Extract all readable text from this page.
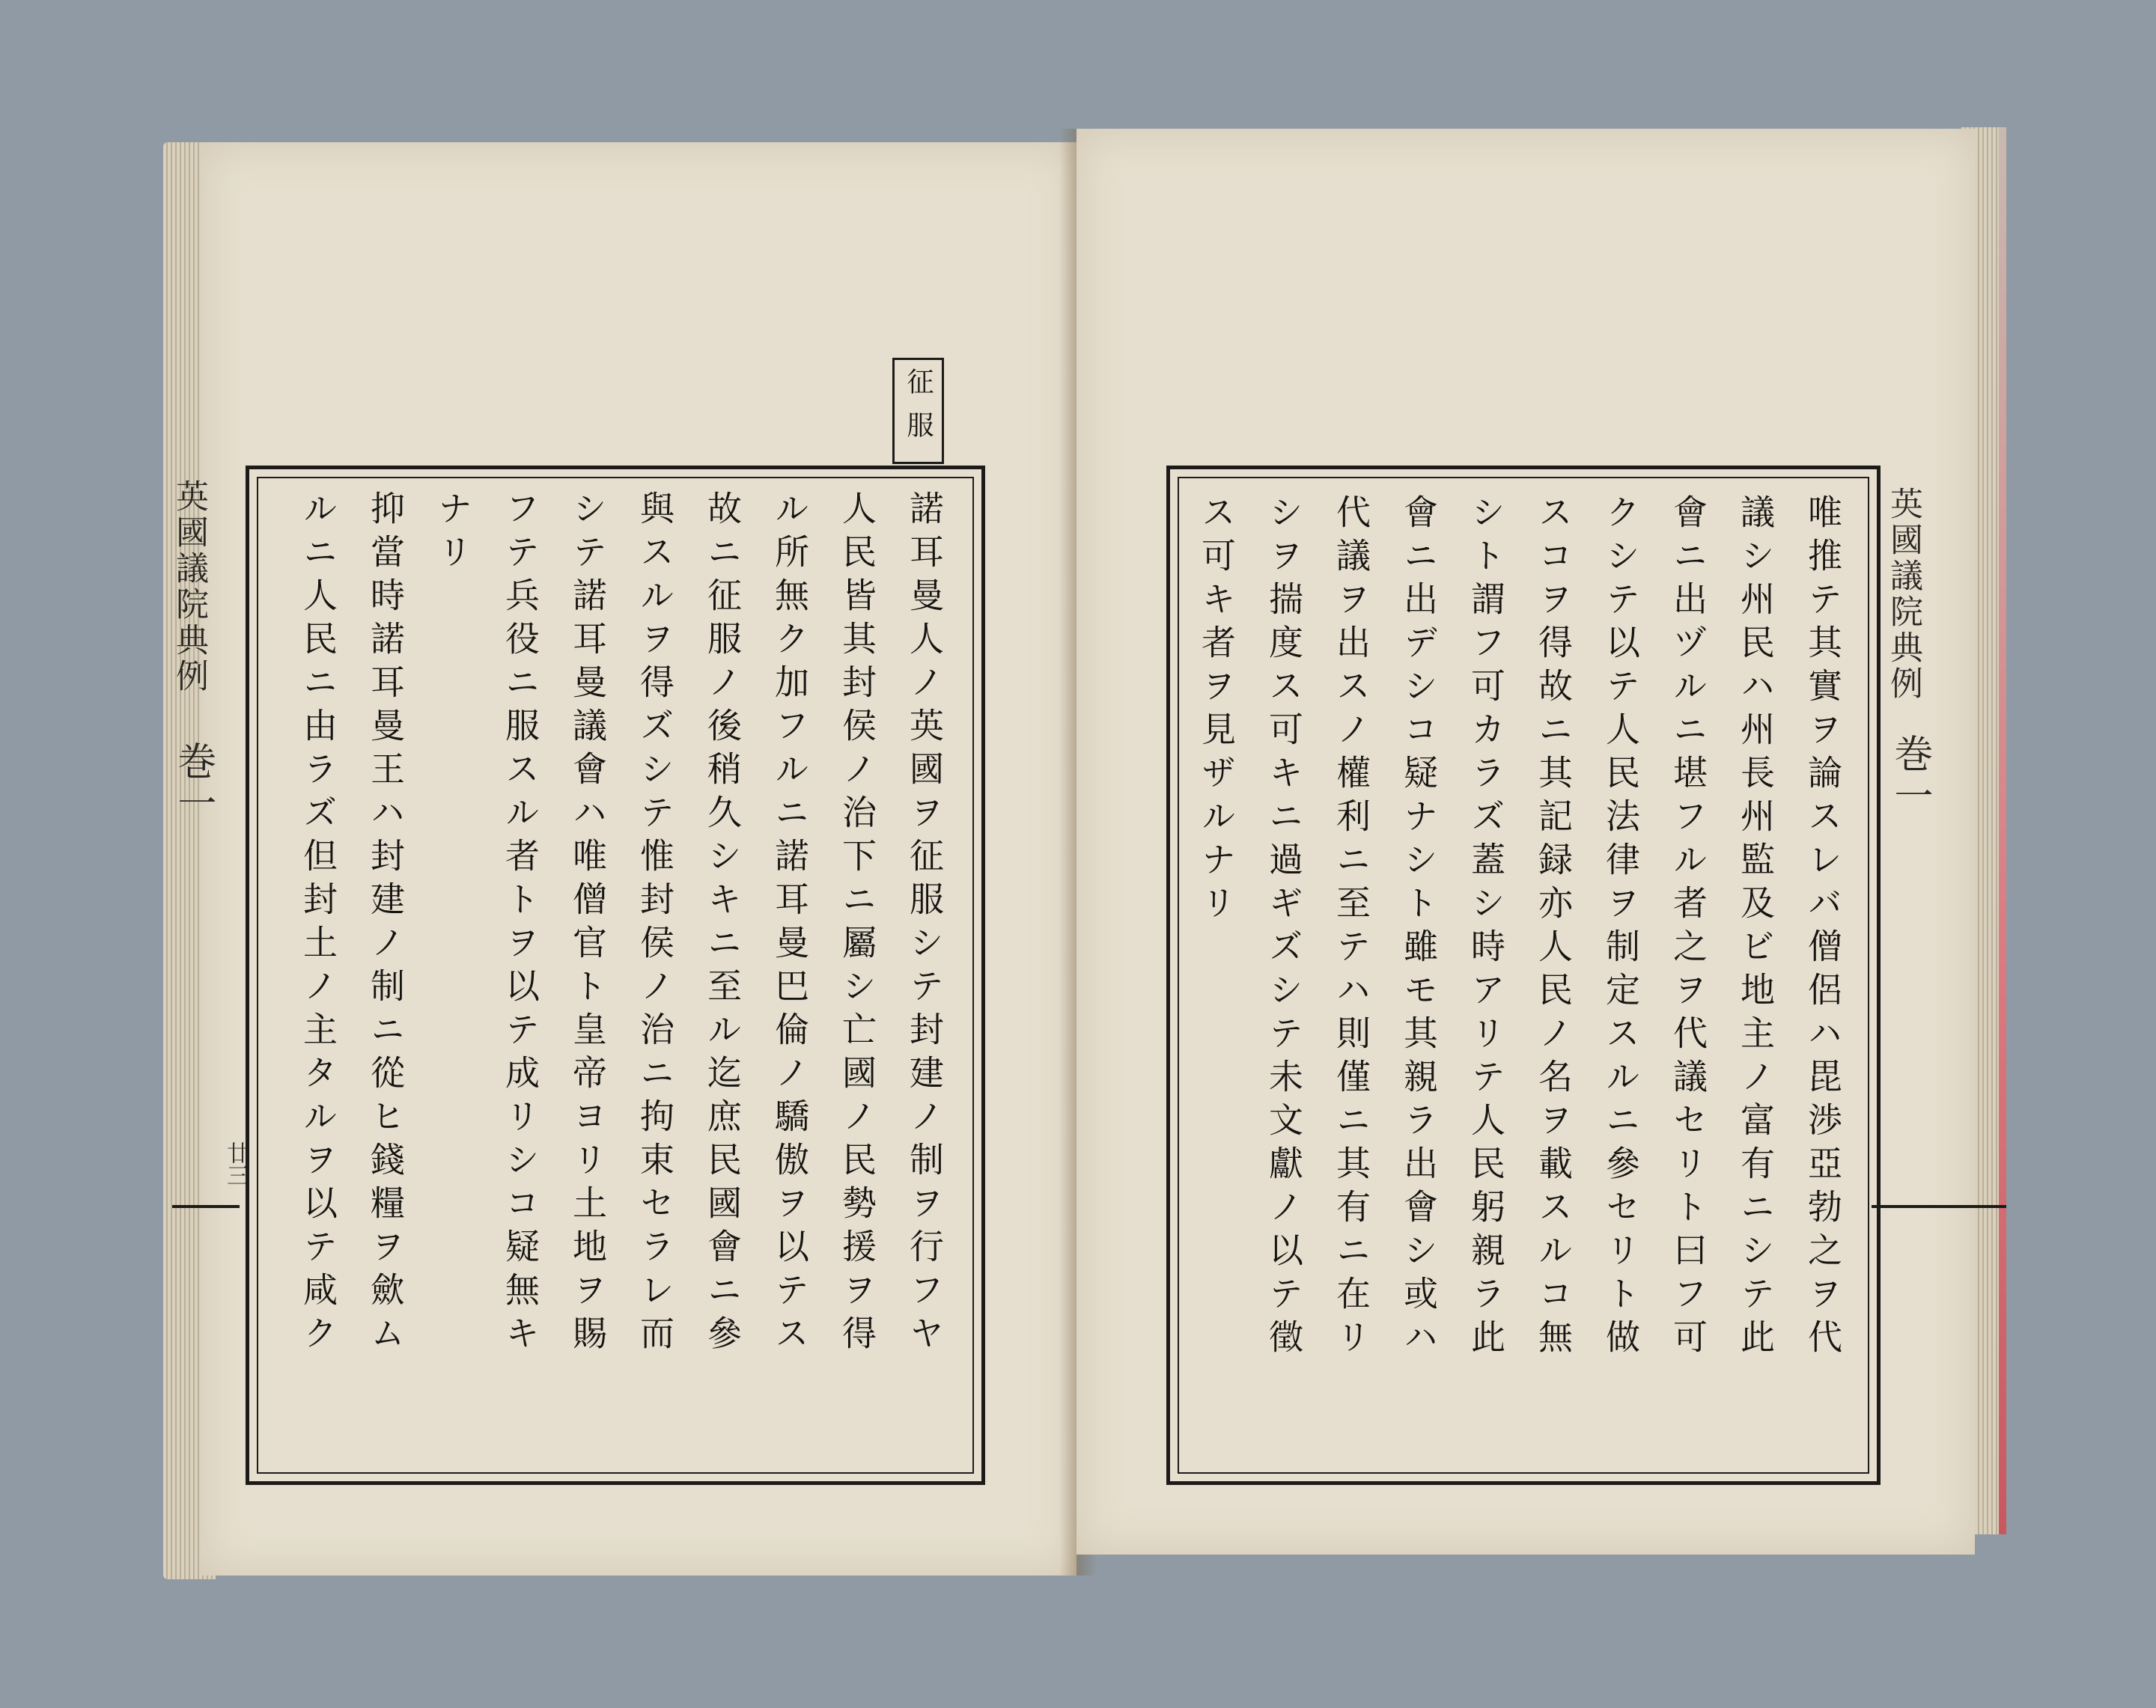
英國議院典例
巻一
廿三
征服
諾耳曼人ノ英國ヲ征服シテ封建ノ制ヲ行フヤ
人民皆其封侯ノ治下ニ屬シ亡國ノ民勢援ヲ得
ル所無ク加フルニ諾耳曼巴倫ノ驕傲ヲ以テス
故ニ征服ノ後稍久シキニ至ル迄庶民國會ニ參
與スルヲ得ズシテ惟封侯ノ治ニ拘束セラレ而
シテ諾耳曼議會ハ唯僧官ト皇帝ヨリ土地ヲ賜
フテ兵役ニ服スル者トヲ以テ成リシコ疑無キ
ナリ
抑當時諾耳曼王ハ封建ノ制ニ從ヒ錢糧ヲ歛ム
ルニ人民ニ由ラズ但封土ノ主タルヲ以テ咸ク	英國議院典例
巻一
唯推テ其實ヲ論スレバ僧侶ハ毘渉亞勃之ヲ代
議シ州民ハ州長州監及ビ地主ノ富有ニシテ此
會ニ出ヅルニ堪フル者之ヲ代議セリト曰フ可
クシテ以テ人民法律ヲ制定スルニ參セリト做
スコヲ得故ニ其記録亦人民ノ名ヲ載スルコ無
シト謂フ可カラズ蓋シ時アリテ人民躬親ラ此
會ニ出デシコ疑ナシト雖モ其親ラ出會シ或ハ
代議ヲ出スノ權利ニ至テハ則僅ニ其有ニ在リ
シヲ揣度ス可キニ過ギズシテ未文獻ノ以テ徵
ス可キ者ヲ見ザルナリ
